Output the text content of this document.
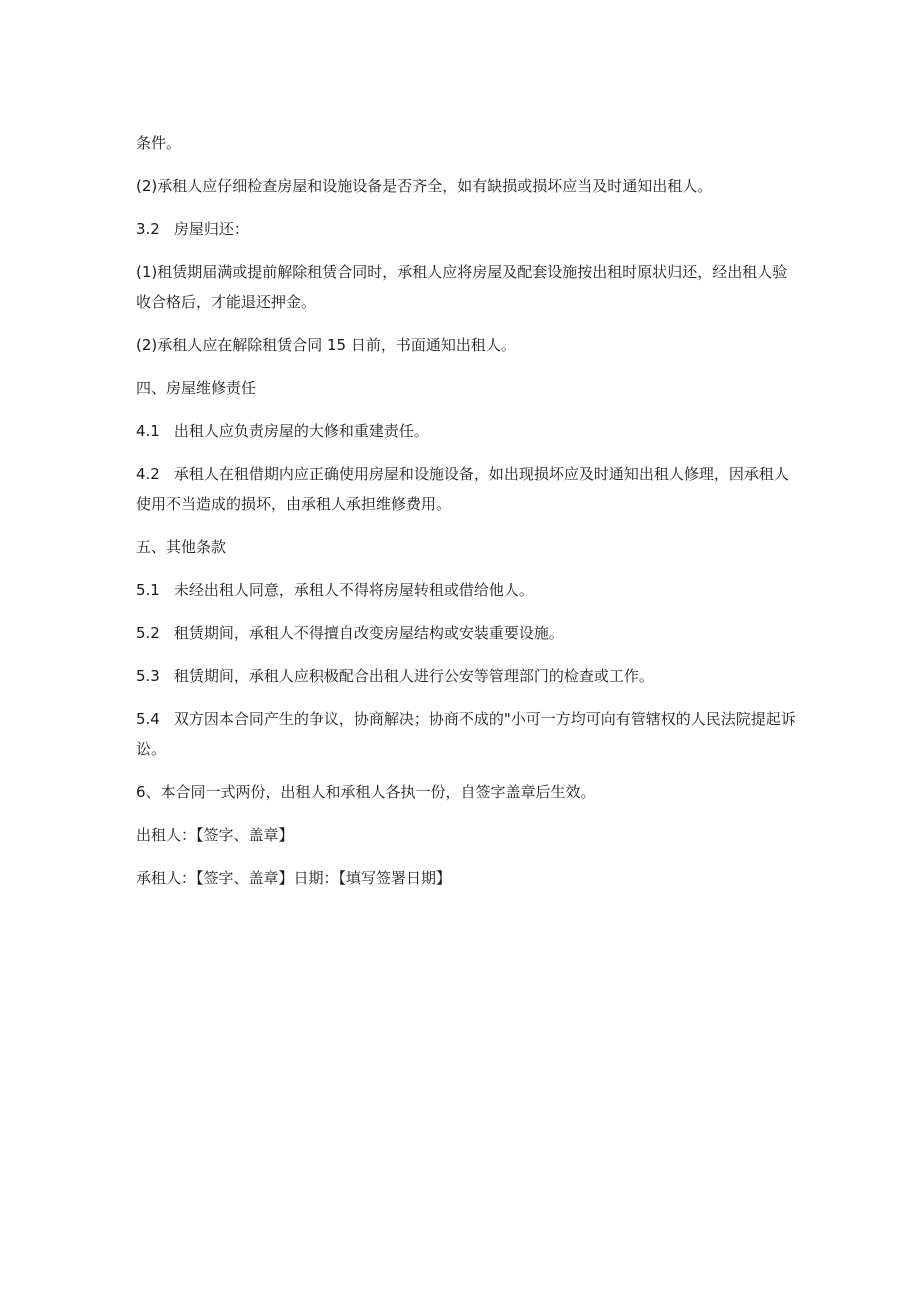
条件。

(2)承租人应仔细检查房屋和设施设备是否齐全，如有缺损或损坏应当及时通知出租人。

3.2 房屋归还：

(1)租赁期届满或提前解除租赁合同时，承租人应将房屋及配套设施按出租时原状归还，经出租人验收合格后，才能退还押金。

(2)承租人应在解除租赁合同 15 日前，书面通知出租人。

四、房屋维修责任

4.1 出租人应负责房屋的大修和重建责任。

4.2 承租人在租借期内应正确使用房屋和设施设备，如出现损坏应及时通知出租人修理，因承租人使用不当造成的损坏，由承租人承担维修费用。

五、其他条款

5.1 未经出租人同意，承租人不得将房屋转租或借给他人。

5.2 租赁期间，承租人不得擅自改变房屋结构或安装重要设施。

5.3 租赁期间，承租人应积极配合出租人进行公安等管理部门的检查或工作。

5.4 双方因本合同产生的争议，协商解决；协商不成的"小可一方均可向有管辖权的人民法院提起诉讼。

6、本合同一式两份，出租人和承租人各执一份，自签字盖章后生效。

出租人：【签字、盖章】

承租人：【签字、盖章】日期：【填写签署日期】
